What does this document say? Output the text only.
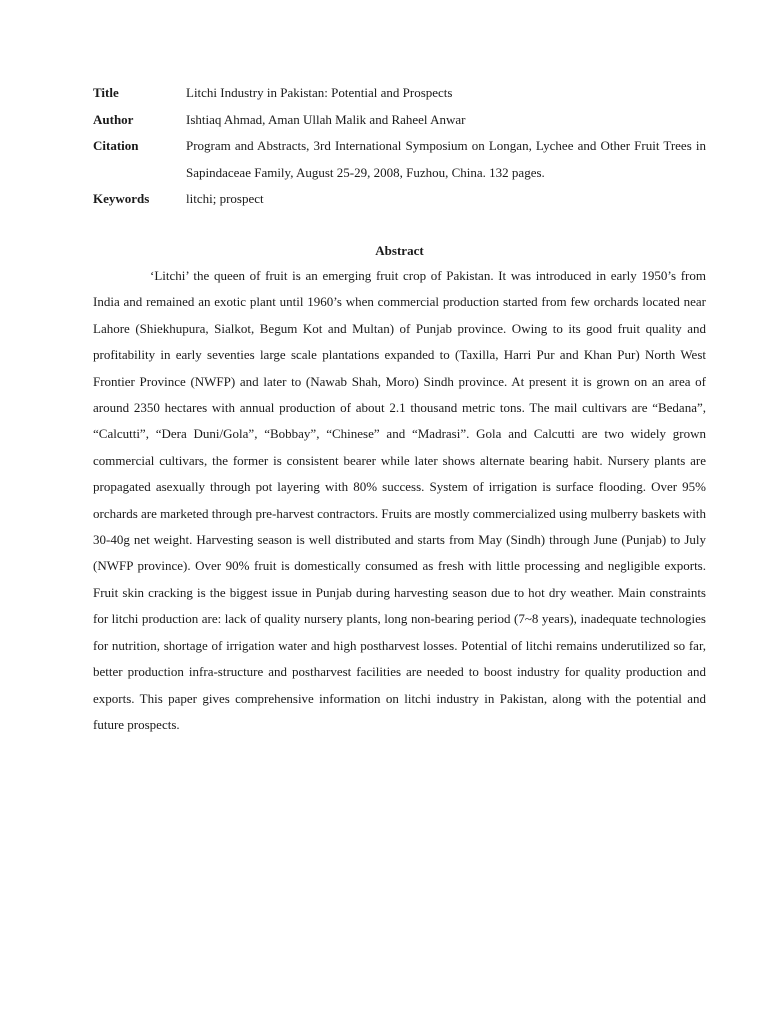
Title	Litchi Industry in Pakistan: Potential and Prospects
Author	Ishtiaq Ahmad, Aman Ullah Malik and Raheel Anwar
Citation	Program and Abstracts, 3rd International Symposium on Longan, Lychee and Other Fruit Trees in Sapindaceae Family, August 25-29, 2008, Fuzhou, China. 132 pages.
Keywords	litchi; prospect

Abstract

‘Litchi’ the queen of fruit is an emerging fruit crop of Pakistan. It was introduced in early 1950’s from India and remained an exotic plant until 1960’s when commercial production started from few orchards located near Lahore (Shiekhupura, Sialkot, Begum Kot and Multan) of Punjab province. Owing to its good fruit quality and profitability in early seventies large scale plantations expanded to (Taxilla, Harri Pur and Khan Pur) North West Frontier Province (NWFP) and later to (Nawab Shah, Moro) Sindh province. At present it is grown on an area of around 2350 hectares with annual production of about 2.1 thousand metric tons. The mail cultivars are “Bedana”, “Calcutti”, “Dera Duni/Gola”, “Bobbay”, “Chinese” and “Madrasi”. Gola and Calcutti are two widely grown commercial cultivars, the former is consistent bearer while later shows alternate bearing habit. Nursery plants are propagated asexually through pot layering with 80% success. System of irrigation is surface flooding. Over 95% orchards are marketed through pre-harvest contractors. Fruits are mostly commercialized using mulberry baskets with 30-40g net weight. Harvesting season is well distributed and starts from May (Sindh) through June (Punjab) to July (NWFP province). Over 90% fruit is domestically consumed as fresh with little processing and negligible exports. Fruit skin cracking is the biggest issue in Punjab during harvesting season due to hot dry weather. Main constraints for litchi production are: lack of quality nursery plants, long non-bearing period (7~8 years), inadequate technologies for nutrition, shortage of irrigation water and high postharvest losses. Potential of litchi remains underutilized so far, better production infra-structure and postharvest facilities are needed to boost industry for quality production and exports. This paper gives comprehensive information on litchi industry in Pakistan, along with the potential and future prospects.
